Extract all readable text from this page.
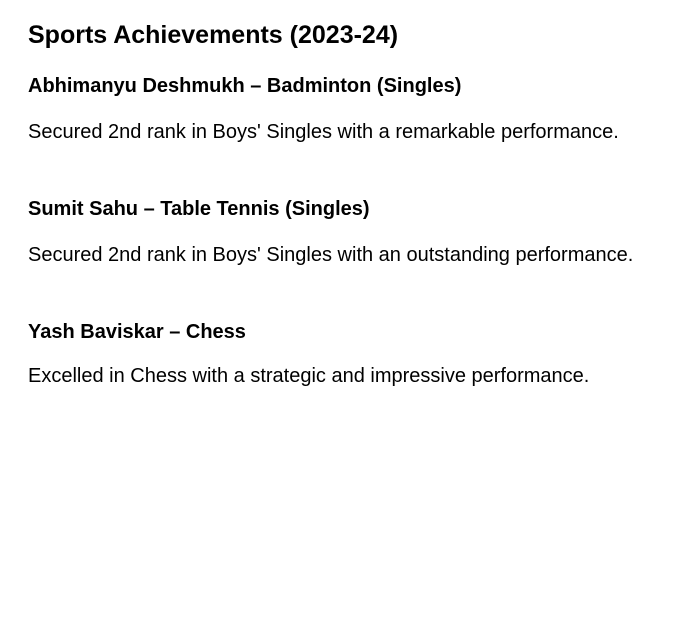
Sports Achievements (2023-24)
Abhimanyu Deshmukh – Badminton (Singles)

Secured 2nd rank in Boys' Singles with a remarkable performance.

Sumit Sahu – Table Tennis (Singles)

Secured 2nd rank in Boys' Singles with an outstanding performance.

Yash Baviskar – Chess

Excelled in Chess with a strategic and impressive performance.
